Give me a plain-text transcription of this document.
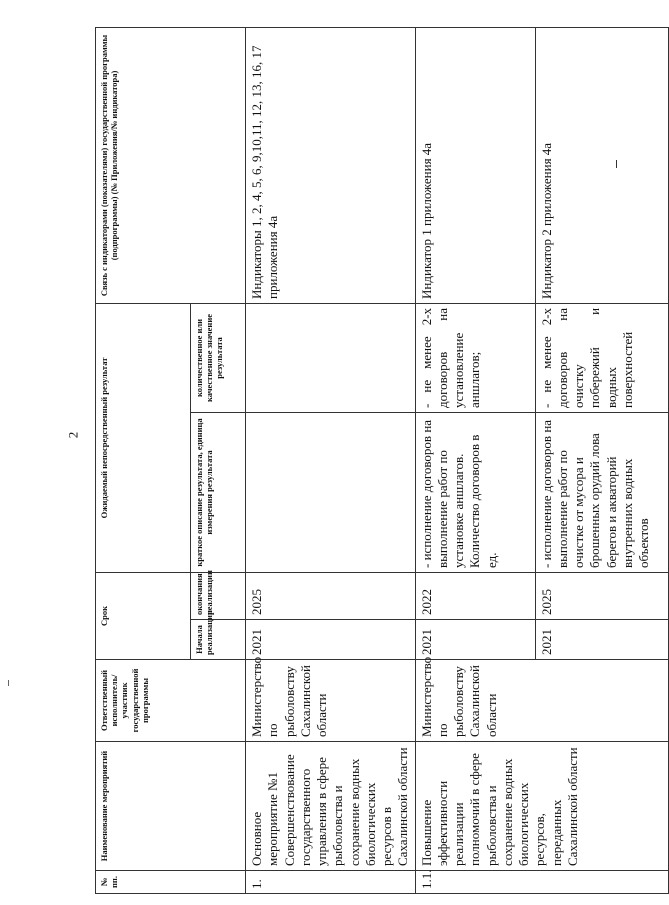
2
№ пп.	Наименование мероприятий	Ответственный исполнитель/ участник государственной программы	Срок		Ожидаемый непосредственный результат		Связь с индикаторами (показателями) государственной программы (подпрограммы) (№ Приложения/№ индикатора)
			Начала реализации	окончания реализации	краткое описание результата, единица измерения результата	количественное или качественное значение результата	
1.	Основное мероприятие №1 Совершенствование государственного управления в сфере рыболовства и сохранение водных биологических ресурсов в Сахалинской области	Министерство по рыболовству Сахалинской области	2021	2025			Индикаторы 1, 2, 4, 5, 6, 9,10,11, 12, 13, 16, 17 приложения 4а
1.1.	Повышение эффективности реализации полномочий в сфере рыболовства и сохранение водных биологических ресурсов, переданных Сахалинской области	Министерство по рыболовству Сахалинской области	2021	2022	- исполнение договоров на выполнение работ по установке аншлагов. Количество договоров в ед.	- не менее 2-х договоров на установление аншлагов;	Индикатор 1 приложения 4а
			2021	2025	- исполнение договоров на выполнение работ по очистке от мусора и брошенных орудий лова берегов и акваторий внутренних водных объектов	- не менее 2-х договоров на очистку побережий и водных поверхностей	Индикатор 2 приложения 4а
